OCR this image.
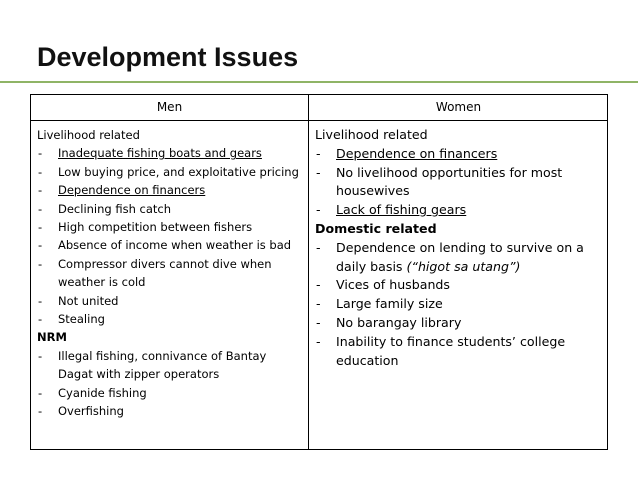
Development Issues
Men	Women
Livelihood related
- Inadequate fishing boats and gears
- Low buying price, and exploitative pricing
- Dependence on financers
- Declining fish catch
- High competition between fishers
- Absence of income when weather is bad
- Compressor divers cannot dive when weather is cold
- Not united
- Stealing
NRM
- Illegal fishing, connivance of Bantay Dagat with zipper operators
- Cyanide fishing
- Overfishing
Livelihood related
- Dependence on financers
- No livelihood opportunities for most housewives
- Lack of fishing gears
Domestic related
- Dependence on lending to survive on a daily basis (“higot sa utang”)
- Vices of husbands
- Large family size
- No barangay library
- Inability to finance students’ college education
